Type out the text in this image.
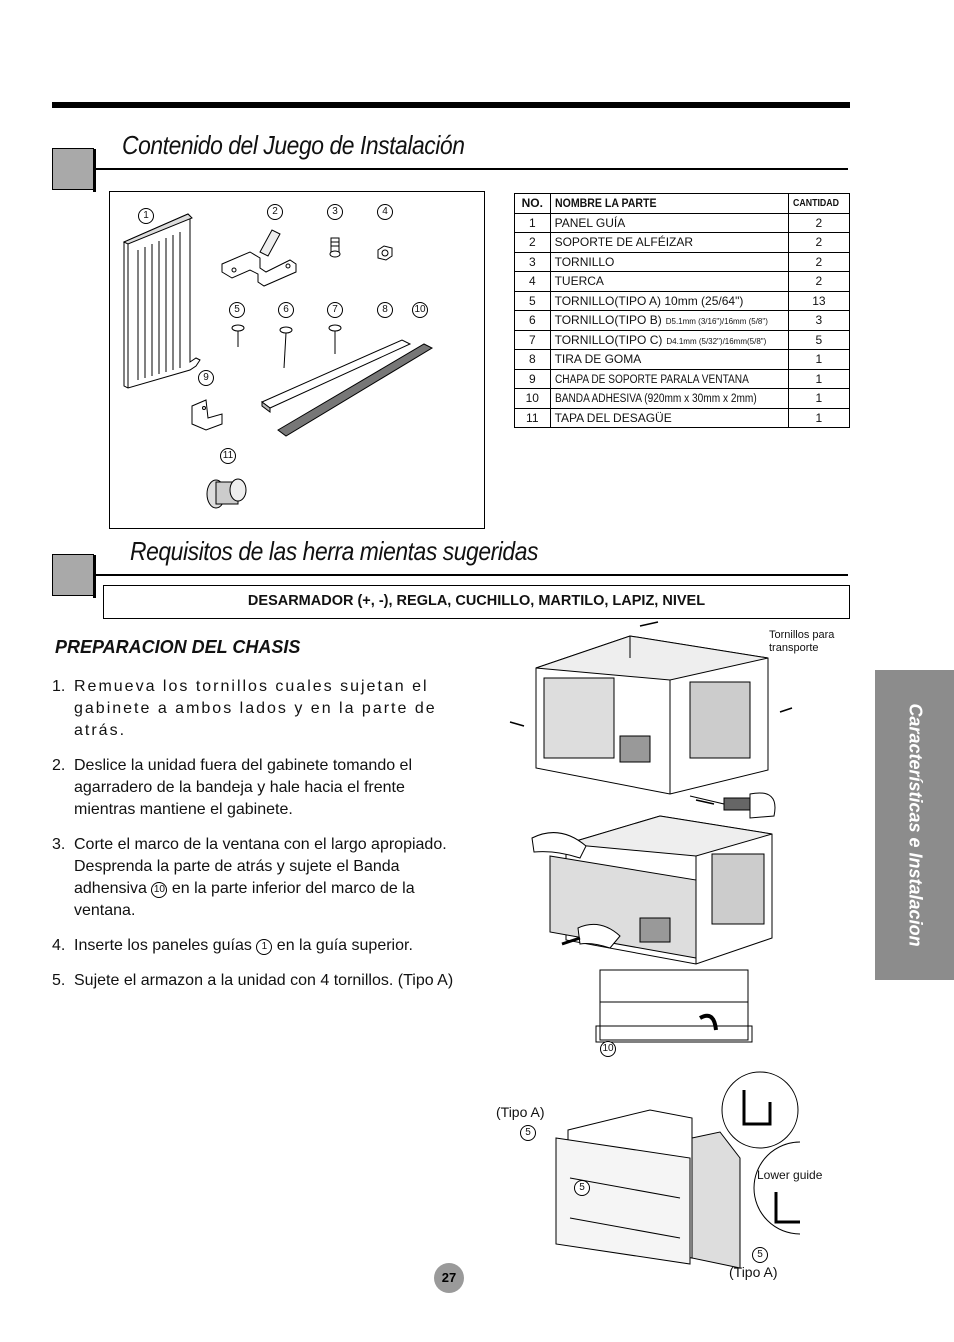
Contenido del Juego de Instalación
1	2	3	4
5	6	7	8	10
9
11
NO.	NOMBRE LA PARTE	CANTIDAD
1	PANEL GUÍA	2
2	SOPORTE DE ALFÉIZAR	2
3	TORNILLO	2
4	TUERCA	2
5	TORNILLO(TIPO A) 10mm (25/64")	13
6	TORNILLO(TIPO B) D5.1mm (3/16")/16mm (5/8")	3
7	TORNILLO(TIPO C) D4.1mm (5/32")/16mm(5/8")	5
8	TIRA DE GOMA	1
9	CHAPA DE SOPORTE PARALA VENTANA	1
10	BANDA ADHESIVA (920mm x 30mm x 2mm)	1
11	TAPA DEL DESAGÜE	1
Requisitos de las herra mientas sugeridas
DESARMADOR (+, -), REGLA, CUCHILLO, MARTILO, LAPIZ, NIVEL
PREPARACION DEL CHASIS
1. Remueva los tornillos cuales sujetan el gabinete a ambos lados y en la parte de atrás.
2. Deslice la unidad fuera del gabinete tomando el agarradero de la bandeja y hale hacia el frente mientras mantiene el gabinete.
3. Corte el marco de la ventana con el largo apropiado. Desprenda la parte de atrás y sujete el Banda adhensiva 10 en la parte inferior del marco de la ventana.
4. Inserte los paneles guías 1 en la guía superior.
5. Sujete el armazon a la unidad con 4 tornillos. (Tipo A)
Tornillos para
transporte
10
(Tipo A)
5
5
Lower guide
5
(Tipo A)
Características e Instalacion
27
